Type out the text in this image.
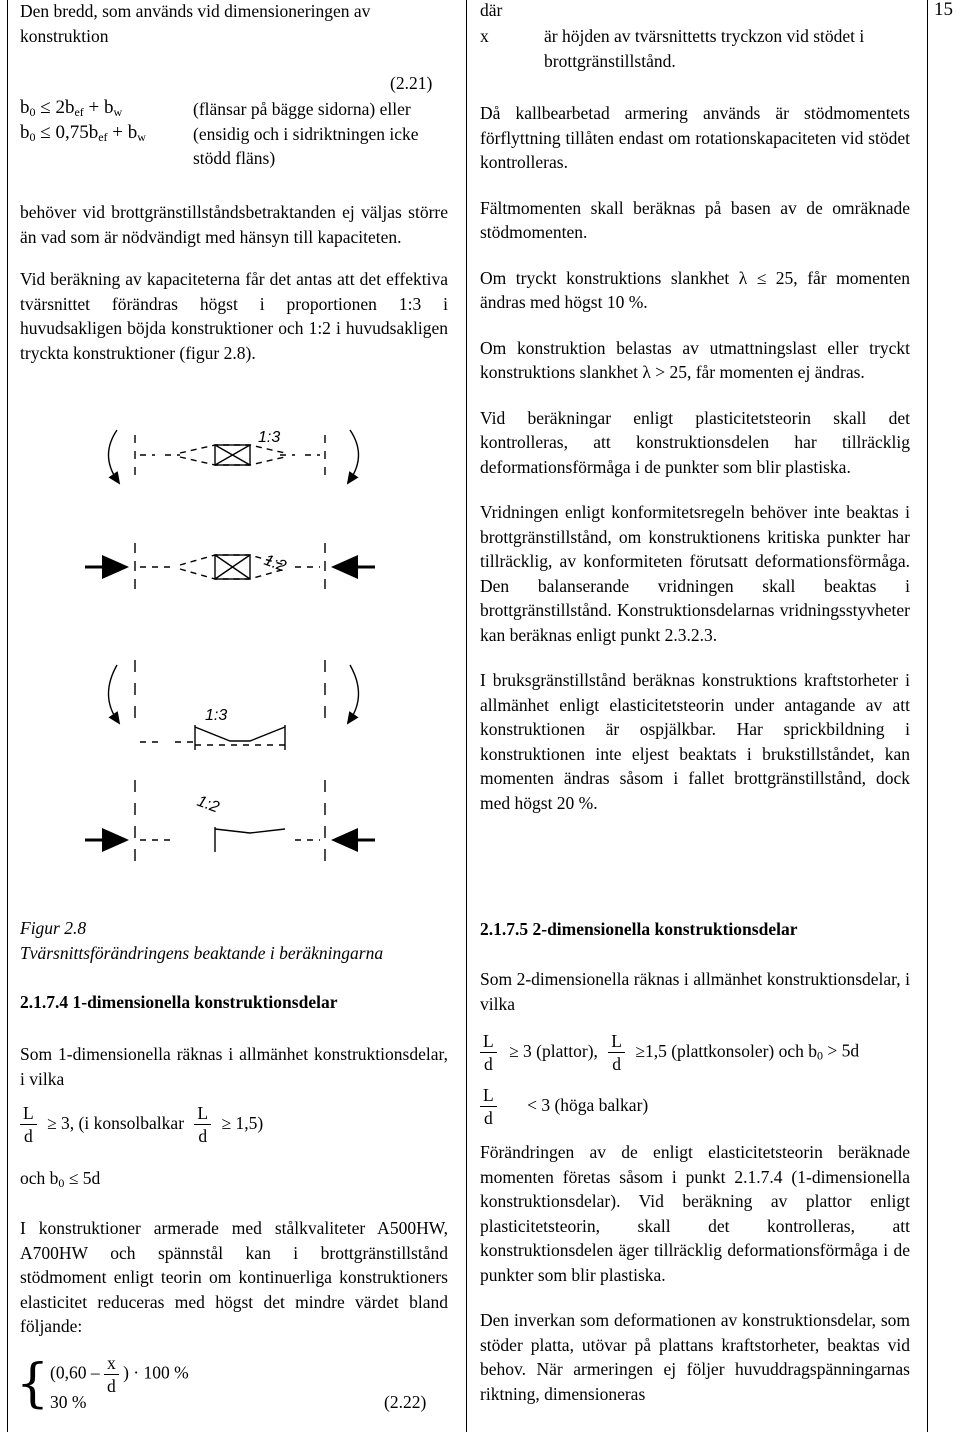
15

Den bredd, som används vid dimensioneringen av konstruktion

(2.21)
$b_0 \le 2b_{ef} + b_w$
$b_0 \le 0,75b_{ef} + b_w$
(flänsar på bägge sidorna) eller
(ensidig och i sidriktningen icke
stödd fläns)

behöver vid brottgränstillståndsbetraktanden ej väljas större än vad som är nödvändigt med hänsyn till kapaciteten.

Vid beräkning av kapaciteterna får det antas att det effektiva tvärsnittet förändras högst i proportionen 1:3 i huvudsakligen böjda konstruktioner och 1:2 i huvudsakligen tryckta konstruktioner (figur 2.8).

1:3
1:2
1:3
1:2

Figur 2.8

Tvärsnittsförändringens beaktande i beräkningarna

2.1.7.4 1-dimensionella konstruktionsdelar

Som 1-dimensionella räknas i allmänhet konstruktionsdelar, i vilka

$\frac{L}{d} \ge 3$, (i konsolbalkar $\frac{L}{d} \ge 1,5$)
och $b_0 \le 5d$

I konstruktioner armerade med stålkvaliteter A500HW, A700HW och spännstål kan i brottgränstillstånd stödmoment enligt teorin om kontinuerliga konstruktioners elasticitet reduceras med högst det mindre värdet bland följande:

{ ($0,60 - \frac{x}{d}$ ) · 100 %
30 %	(2.22)
där
x	är höjden av tvärsnittetts tryckzon vid stödet i brottgränstillstånd.

Då kallbearbetad armering används är stödmomentets förflyttning tillåten endast om rotationskapaciteten vid stödet kontrolleras.

Fältmomenten skall beräknas på basen av de omräknade stödmomenten.

Om tryckt konstruktions slankhet λ ≤ 25, får momenten ändras med högst 10 %.

Om konstruktion belastas av utmattningslast eller tryckt konstruktions slankhet λ > 25, får momenten ej ändras.

Vid beräkningar enligt plasticitetsteorin skall det kontrolleras, att konstruktionsdelen har tillräcklig deformationsförmåga i de punkter som blir plastiska.

Vridningen enligt konformitetsregeln behöver inte beaktas i brottgränstillstånd, om konstruktionens kritiska punkter har tillräcklig, av konformiteten förutsatt deformationsförmåga. Den balanserande vridningen skall beaktas i brottgränstillstånd. Konstruktionsdelarnas vridningsstyvheter kan beräknas enligt punkt 2.3.2.3.

I bruksgränstillstånd beräknas konstruktions kraftstorheter i allmänhet enligt elasticitetsteorin under antagande av att konstruktionen är ospjälkbar. Har sprickbildning i konstruktionen inte eljest beaktats i brukstillståndet, kan momenten ändras såsom i fallet brottgränstillstånd, dock med högst 20 %.

2.1.7.5 2-dimensionella konstruktionsdelar

Som 2-dimensionella räknas i allmänhet konstruktionsdelar, i vilka

$\frac{L}{d} \ge 3$ (plattor), $\frac{L}{d} \ge 1,5$ (plattkonsoler) och $b_0 > 5d$
$\frac{L}{d} < 3$ (höga balkar)

Förändringen av de enligt elasticitetsteorin beräknade momenten företas såsom i punkt 2.1.7.4 (1-dimensionella konstruktionsdelar). Vid beräkning av plattor enligt plasticitetsteorin, skall det kontrolleras, att konstruktionsdelen äger tillräcklig deformationsförmåga i de punkter som blir plastiska.

Den inverkan som deformationen av konstruktionsdelar, som stöder platta, utövar på plattans kraftstorheter, beaktas vid behov. När armeringen ej följer huvuddragspänningarnas riktning, dimensioneras
